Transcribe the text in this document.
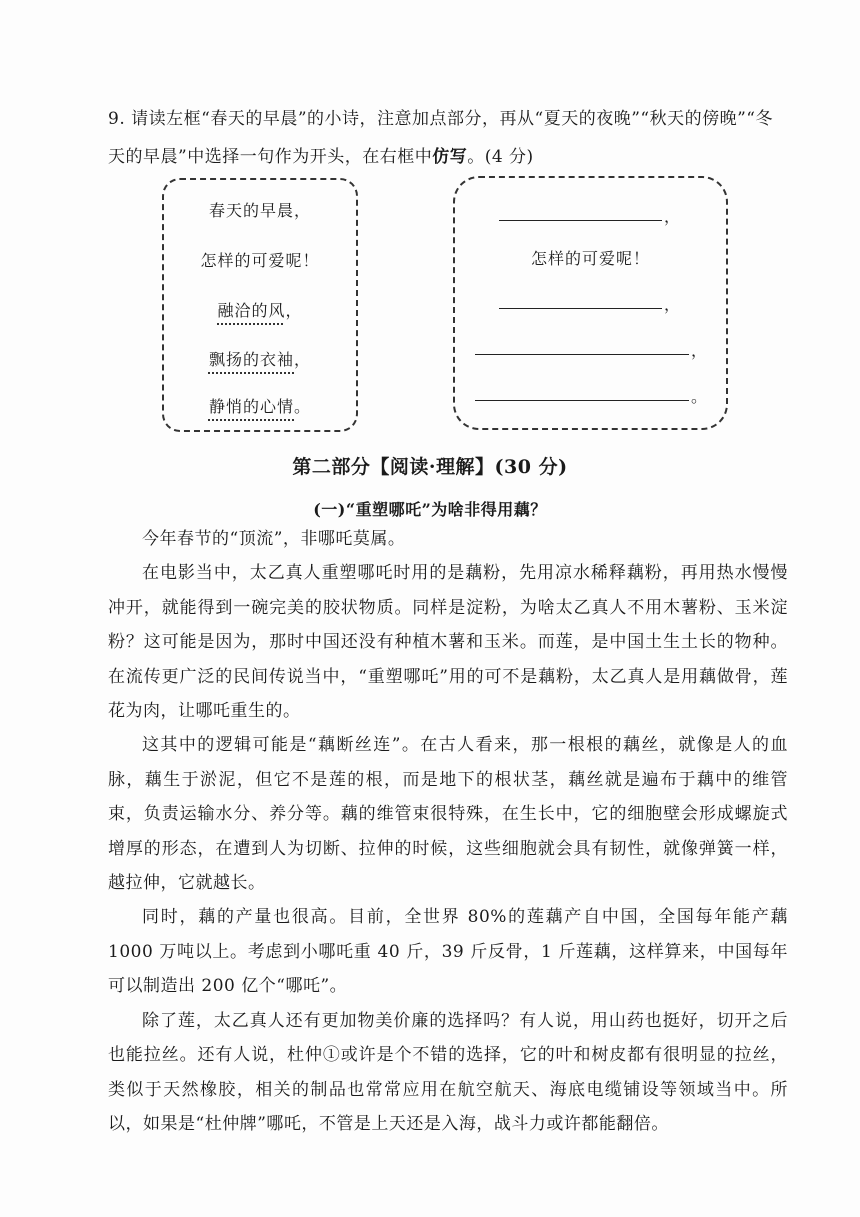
9. 请读左框“春天的早晨”的小诗，注意加点部分，再从“夏天的夜晚”“秋天的傍晚”“冬天的早晨”中选择一句作为开头，在右框中仿写。(4 分)
春天的早晨，
怎样的可爱呢！
融洽的风，
飘扬的衣袖，
静悄的心情。
，
怎样的可爱呢！
，
，
。
第二部分【阅读·理解】(30 分)
(一)“重塑哪吒”为啥非得用藕？

今年春节的“顶流”，非哪吒莫属。

在电影当中，太乙真人重塑哪吒时用的是藕粉，先用凉水稀释藕粉，再用热水慢慢冲开，就能得到一碗完美的胶状物质。同样是淀粉，为啥太乙真人不用木薯粉、玉米淀粉？这可能是因为，那时中国还没有种植木薯和玉米。而莲，是中国土生土长的物种。在流传更广泛的民间传说当中，“重塑哪吒”用的可不是藕粉，太乙真人是用藕做骨，莲花为肉，让哪吒重生的。

这其中的逻辑可能是“藕断丝连”。在古人看来，那一根根的藕丝，就像是人的血脉，藕生于淤泥，但它不是莲的根，而是地下的根状茎，藕丝就是遍布于藕中的维管束，负责运输水分、养分等。藕的维管束很特殊，在生长中，它的细胞壁会形成螺旋式增厚的形态，在遭到人为切断、拉伸的时候，这些细胞就会具有韧性，就像弹簧一样，越拉伸，它就越长。

同时，藕的产量也很高。目前，全世界 80%的莲藕产自中国，全国每年能产藕 1000 万吨以上。考虑到小哪吒重 40 斤，39 斤反骨，1 斤莲藕，这样算来，中国每年可以制造出 200 亿个“哪吒”。

除了莲，太乙真人还有更加物美价廉的选择吗？有人说，用山药也挺好，切开之后也能拉丝。还有人说，杜仲①或许是个不错的选择，它的叶和树皮都有很明显的拉丝，类似于天然橡胶，相关的制品也常常应用在航空航天、海底电缆铺设等领域当中。所以，如果是“杜仲牌”哪吒，不管是上天还是入海，战斗力或许都能翻倍。
